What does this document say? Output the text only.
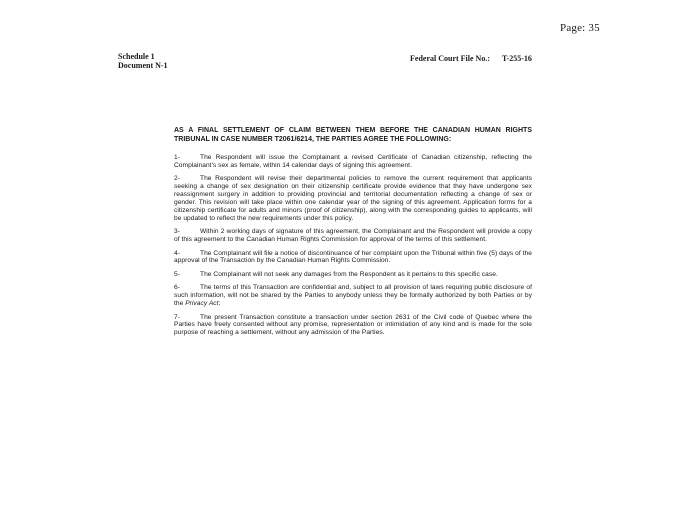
Page: 35
Schedule 1
Document N-1
Federal Court File No.: T-255-16

AS A FINAL SETTLEMENT OF CLAIM BETWEEN THEM BEFORE THE CANADIAN HUMAN RIGHTS TRIBUNAL IN CASE NUMBER T2061/6214, THE PARTIES AGREE THE FOLLOWING:

1-	The Respondent will issue the Complainant a revised Certificate of Canadian citizenship, reflecting the Complainant's sex as female, within 14 calendar days of signing this agreement.

2-	The Respondent will revise their departmental policies to remove the current requirement that applicants seeking a change of sex designation on their citizenship certificate provide evidence that they have undergone sex reassignment surgery in addition to providing provincial and territorial documentation reflecting a change of sex or gender. This revision will take place within one calendar year of the signing of this agreement. Application forms for a citizenship certificate for adults and minors (proof of citizenship), along with the corresponding guides to applicants, will be updated to reflect the new requirements under this policy.

3-	Within 2 working days of signature of this agreement, the Complainant and the Respondent will provide a copy of this agreement to the Canadian Human Rights Commission for approval of the terms of this settlement.

4-	The Complainant will file a notice of discontinuance of her complaint upon the Tribunal within five (5) days of the approval of the Transaction by the Canadian Human Rights Commission.

5-	The Complainant will not seek any damages from the Respondent as it pertains to this specific case.

6-	The terms of this Transaction are confidential and, subject to all provision of laws requiring public disclosure of such information, will not be shared by the Parties to anybody unless they be formally authorized by both Parties or by the Privacy Act;

7-	The present Transaction constitute a transaction under section 2631 of the Civil code of Quebec where the Parties have freely consented without any promise, representation or intimidation of any kind and is made for the sole purpose of reaching a settlement, without any admission of the Parties.
